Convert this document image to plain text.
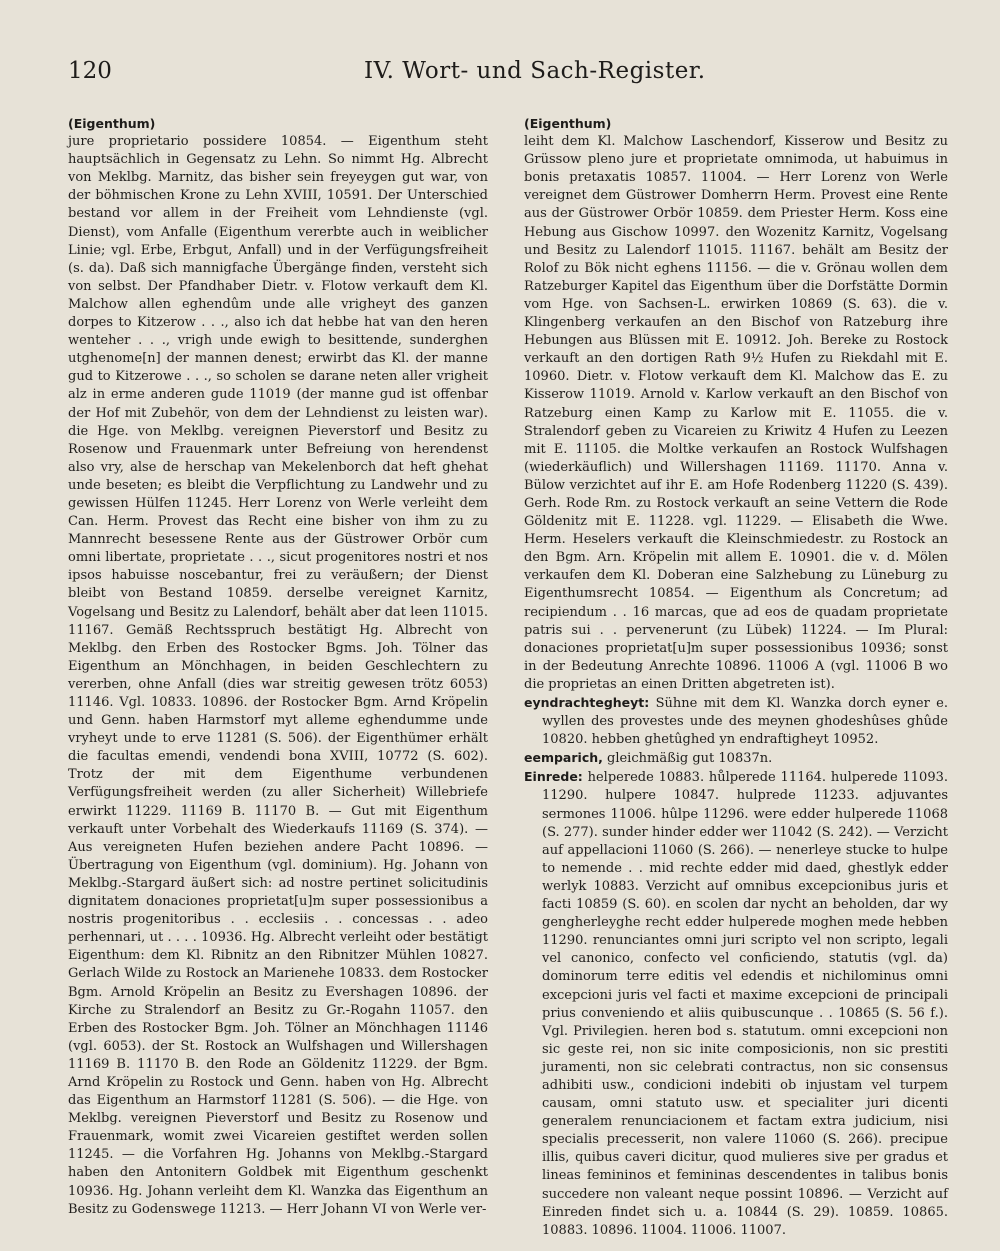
120	IV. Wort- und Sach-Register.

(Eigenthum)

jure proprietario possidere 10854. — Eigenthum steht hauptsächlich in Gegensatz zu Lehn. So nimmt Hg. Albrecht von Meklbg. Marnitz, das bisher sein freyeygen gut war, von der böhmischen Krone zu Lehn XVIII, 10591. Der Unterschied bestand vor allem in der Freiheit vom Lehndienste (vgl. Dienst), vom Anfalle (Eigenthum vererbte auch in weiblicher Linie; vgl. Erbe, Erbgut, Anfall) und in der Verfügungsfreiheit (s. da). Daß sich mannigfache Übergänge finden, versteht sich von selbst. Der Pfandhaber Dietr. v. Flotow verkauft dem Kl. Malchow allen eghendûm unde alle vrigheyt des ganzen dorpes to Kitzerow . . ., also ich dat hebbe hat van den heren wenteher . . ., vrigh unde ewigh to besittende, sunderghen utghenome[n] der mannen denest; erwirbt das Kl. der manne gud to Kitzerowe . . ., so scholen se darane neten aller vrigheit alz in erme anderen gude 11019 (der manne gud ist offenbar der Hof mit Zubehör, von dem der Lehndienst zu leisten war). die Hge. von Meklbg. vereignen Pieverstorf und Besitz zu Rosenow und Frauenmark unter Befreiung von herendenst also vry, alse de herschap van Mekelenborch dat heft ghehat unde beseten; es bleibt die Verpflichtung zu Landwehr und zu gewissen Hülfen 11245. Herr Lorenz von Werle verleiht dem Can. Herm. Provest das Recht eine bisher von ihm zu zu Mannrecht besessene Rente aus der Güstrower Orbör cum omni libertate, proprietate . . ., sicut progenitores nostri et nos ipsos habuisse noscebantur, frei zu veräußern; der Dienst bleibt von Bestand 10859. derselbe vereignet Karnitz, Vogelsang und Besitz zu Lalendorf, behält aber dat leen 11015. 11167. Gemäß Rechtsspruch bestätigt Hg. Albrecht von Meklbg. den Erben des Rostocker Bgms. Joh. Tölner das Eigenthum an Mönchhagen, in beiden Geschlechtern zu vererben, ohne Anfall (dies war streitig gewesen trötz 6053) 11146. Vgl. 10833. 10896. der Rostocker Bgm. Arnd Kröpelin und Genn. haben Harmstorf myt alleme eghendumme unde vryheyt unde to erve 11281 (S. 506). der Eigenthümer erhält die facultas emendi, vendendi bona XVIII, 10772 (S. 602). Trotz der mit dem Eigenthume verbundenen Verfügungsfreiheit werden (zu aller Sicherheit) Willebriefe erwirkt 11229. 11169 B. 11170 B. — Gut mit Eigenthum verkauft unter Vorbehalt des Wiederkaufs 11169 (S. 374). — Aus vereigneten Hufen beziehen andere Pacht 10896. — Übertragung von Eigenthum (vgl. dominium). Hg. Johann von Meklbg.-Stargard äußert sich: ad nostre pertinet solicitudinis dignitatem donaciones proprietat[u]m super possessionibus a nostris progenitoribus . . ecclesiis . . concessas . . adeo perhennari, ut . . . . 10936. Hg. Albrecht verleiht oder bestätigt Eigenthum: dem Kl. Ribnitz an den Ribnitzer Mühlen 10827. Gerlach Wilde zu Rostock an Marienehe 10833. dem Rostocker Bgm. Arnold Kröpelin an Besitz zu Evershagen 10896. der Kirche zu Stralendorf an Besitz zu Gr.-Rogahn 11057. den Erben des Rostocker Bgm. Joh. Tölner an Mönchhagen 11146 (vgl. 6053). der St. Rostock an Wulfshagen und Willershagen 11169 B. 11170 B. den Rode an Göldenitz 11229. der Bgm. Arnd Kröpelin zu Rostock und Genn. haben von Hg. Albrecht das Eigenthum an Harmstorf 11281 (S. 506). — die Hge. von Meklbg. vereignen Pieverstorf und Besitz zu Rosenow und Frauenmark, womit zwei Vicareien gestiftet werden sollen 11245. — die Vorfahren Hg. Johanns von Meklbg.-Stargard haben den Antonitern Goldbek mit Eigenthum geschenkt 10936. Hg. Johann verleiht dem Kl. Wanzka das Eigenthum an Besitz zu Godenswege 11213. — Herr Johann VI von Werle ver-

(Eigenthum)

leiht dem Kl. Malchow Laschendorf, Kisserow und Besitz zu Grüssow pleno jure et proprietate omnimoda, ut habuimus in bonis pretaxatis 10857. 11004. — Herr Lorenz von Werle vereignet dem Güstrower Domherrn Herm. Provest eine Rente aus der Güstrower Orbör 10859. dem Priester Herm. Koss eine Hebung aus Gischow 10997. den Wozenitz Karnitz, Vogelsang und Besitz zu Lalendorf 11015. 11167. behält am Besitz der Rolof zu Bök nicht eghens 11156. — die v. Grönau wollen dem Ratzeburger Kapitel das Eigenthum über die Dorfstätte Dormin vom Hge. von Sachsen-L. erwirken 10869 (S. 63). die v. Klingenberg verkaufen an den Bischof von Ratzeburg ihre Hebungen aus Blüssen mit E. 10912. Joh. Bereke zu Rostock verkauft an den dortigen Rath 9½ Hufen zu Riekdahl mit E. 10960. Dietr. v. Flotow verkauft dem Kl. Malchow das E. zu Kisserow 11019. Arnold v. Karlow verkauft an den Bischof von Ratzeburg einen Kamp zu Karlow mit E. 11055. die v. Stralendorf geben zu Vicareien zu Kriwitz 4 Hufen zu Leezen mit E. 11105. die Moltke verkaufen an Rostock Wulfshagen (wiederkäuflich) und Willershagen 11169. 11170. Anna v. Bülow verzichtet auf ihr E. am Hofe Rodenberg 11220 (S. 439). Gerh. Rode Rm. zu Rostock verkauft an seine Vettern die Rode Göldenitz mit E. 11228. vgl. 11229. — Elisabeth die Wwe. Herm. Heselers verkauft die Kleinschmiedestr. zu Rostock an den Bgm. Arn. Kröpelin mit allem E. 10901. die v. d. Mölen verkaufen dem Kl. Doberan eine Salzhebung zu Lüneburg zu Eigenthumsrecht 10854. — Eigenthum als Concretum; ad recipiendum . . 16 marcas, que ad eos de quadam proprietate patris sui . . pervenerunt (zu Lübek) 11224. — Im Plural: donaciones proprietat[u]m super possessionibus 10936; sonst in der Bedeutung Anrechte 10896. 11006 A (vgl. 11006 B wo die proprietas an einen Dritten abgetreten ist).

eyndrachtegheyt: Sühne mit dem Kl. Wanzka dorch eyner e. wyllen des provestes unde des meynen ghodeshûses ghûde 10820. hebben ghetûghed yn endraftigheyt 10952.

eemparich, gleichmäßig gut 10837n.

Einrede: helperede 10883. hůlperede 11164. hulperede 11093. 11290. hulpere 10847. hulprede 11233. adjuvantes sermones 11006. hûlpe 11296. were edder hulperede 11068 (S. 277). sunder hinder edder wer 11042 (S. 242). — Verzicht auf appellacioni 11060 (S. 266). — nenerleye stucke to hulpe to nemende . . mid rechte edder mid daed, ghestlyk edder werlyk 10883. Verzicht auf omnibus excepcionibus juris et facti 10859 (S. 60). en scolen dar nycht an beholden, dar wy gengherleyghe recht edder hulperede moghen mede hebben 11290. renunciantes omni juri scripto vel non scripto, legali vel canonico, confecto vel conficiendo, statutis (vgl. da) dominorum terre editis vel edendis et nichilominus omni excepcioni juris vel facti et maxime excepcioni de principali prius conveniendo et aliis quibuscunque . . 10865 (S. 56 f.). Vgl. Privilegien. heren bod s. statutum. omni excepcioni non sic geste rei, non sic inite composicionis, non sic prestiti juramenti, non sic celebrati contractus, non sic consensus adhibiti usw., condicioni indebiti ob injustam vel turpem causam, omni statuto usw. et specialiter juri dicenti generalem renunciacionem et factam extra judicium, nisi specialis precesserit, non valere 11060 (S. 266). precipue illis, quibus caveri dicitur, quod mulieres sive per gradus et lineas femininos et femininas descendentes in talibus bonis succedere non valeant neque possint 10896. — Verzicht auf Einreden findet sich u. a. 10844 (S. 29). 10859. 10865. 10883. 10896. 11004. 11006. 11007.
